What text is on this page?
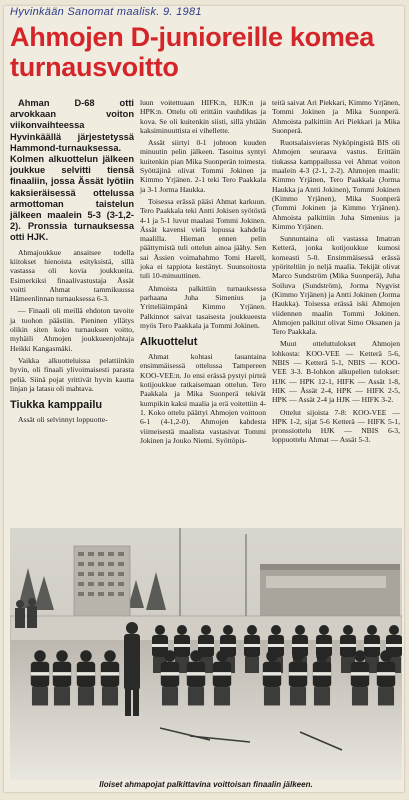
Hyvinkään Sanomat maalisk. 9. 1981
Ahmojen D-junioreille komea turnausvoitto

Ahman D-68 otti arvokkaan voiton viikonvaihteessa Hyvinkäällä järjestetyssä Hammond-turnauksessa. Kolmen alkuottelun jälkeen joukkue selvitti tiensä finaaliin, jossa Ässät lyötiin kaksieräisessä ottelussa armottoman taistelun jälkeen maalein 5-3 (3-1,2-2). Pronssia turnauksessa otti HJK.

Ahmajoukkue ansaitsee todella kiitokset hienoista esityksistä, sillä vastassa oli kovia joukkueita. Esimerkiksi finaalivastustaja Ässät voitti Ahmat tammikuussa Hämeenlinnan turnauksessa 6-3.

— Finaali oli meillä ehdoton tavoite ja tuohon päästiin. Pieninen yllätys olikin siten koko turnauksen voitto, myhäili Ahmojen joukkueenjohtaja Heikki Kangasmäki.

Vaikka alkuotteluissa pelattiinkin hyvin, oli finaali ylivoimaisesti parasta peliä. Siinä pojat yrittivät hyvin kautta linjan ja latasu oli mahtava.

Tiukka kamppailu

Assät oli selvinnyt loppuotte-

luun voitettuaan HIFK:n, HJK:n ja HPK:n. Ottelu oli erittäin vauhdikas ja kova. Se oli kuitenkin siisti, sillä yhtään kaksiminuuttista ei vihellette.

Assät siirtyi 0-1 johtoon kuuden minuutin pelin jälkeen. Tasoitus syntyi kuitenkin pian Mika Suonperän toimesta. Syöttäjinä olivat Tommi Jokinen ja Kimmo Yrjänen. 2-1 teki Tero Paakkala ja 3-1 Jorma Haukka.

Toisessa erässä pääsi Ahmat karkuun. Tero Paakkala teki Antti Jokisen syötöstä 4-1 ja 5-1 luvut maalasi Tommi Jokinen. Ässät kavensi vielä lopussa kahdella maalilla. Hieman ennen pelin päättymistä tuli ottelun ainoa jäähy. Sen sai Ässien voimahahmo Tomi Harell, joka ei tappiota kestänyt. Suunsoitosta tuli 10-minuuttinen.

Ahmoista palkittiin turnauksessa parhaana Juha Simenius ja Yritteliäimpänä Kimmo Yrjänen. Palkinnot saivat tasaisesta joukkueesta myös Tero Paakkala ja Tommi Jokinen.

Alkuottelut

Ahmat kohtasi lauantaina ensimmäisessä ottelussa Tampereen KOO-VEE:n. Jo ensi erässä pystyi pirteä kotijoukkue ratkaisemaan ottelun. Tero Paakkala ja Mika Suonperä tekivät kumpikin kaksi maalia ja erä voitettiin 4-1. Koko ottelu päättyi Ahmojen voittoon 6-1 (4-1,2-0). Ahmojen kahdesta viimeisestä maalista vastasivat Tommi Jokinen ja Jouko Niemi. Syöttöpis-

teitä saivat Ari Piekkari, Kimmo Yrjänen, Tommi Jokinen ja Mika Suonperä. Ahmoista palkittiin Ari Piekkari ja Mika Suonperä.

Ruotsalaisvieras Nyköpingistä BIS oli Ahmojen seuraava vastus. Erittäin tiukassa kamppailussa vei Ahmat voiton maalein 4-3 (2-1, 2-2). Ahmojen maalit: Kimmo Yrjänen, Tero Paakkala (Jorma Haukka ja Antti Jokinen), Tommi Jokinen (Kimmo Yrjänen), Mika Suonperä (Tommi Jokinen ja Kimmo Yrjänen). Ahmoista palkittiin Juha Simenius ja Kimmo Yrjänen.

Sunnuntaina oli vastassa Imatran Ketterä, jonka kotijoukkue kumosi komeasti 5-0. Ensimmäisessä erässä ypöriteltiin jo neljä maalia. Tekijät olivat Marco Sundström (Mika Suonperä), Juha Soiluva (Sundström), Jorma Nygvist (Kimmo Yrjänen) ja Antti Jokinen (Jorma Haukka). Toisessa erässä iski Ahmojen viidennen maalin Tommi Jokinen. Ahmojen palkitut olivat Simo Oksanen ja Tero Paakkala.

Muut otteluttulokset Ahmojen lohkosta: KOO-VEE — Ketterä 5-6, NBIS — Ketterä 5-1, NBIS — KOO-VEE 3-3. B-lohkon alkupelien tulokset: HJK — HPK 12-1, HIFK — Assät 1-8, HIK — Ässät 2-4, HPK — HIFK 2-5, HPK — Assät 2-4 ja HJK — HIFK 3-2.

Ottelut sijoista 7-8: KOO-VEE — HPK 1-2, sijat 5-6 Ketterä — HIFK 5-1, pronssiottelu HJK — NBIS 6-3, loppuottelu Ahmat — Assät 5-3.

Iloiset ahmapojat palkittavina voittoisan finaalin jälkeen.
